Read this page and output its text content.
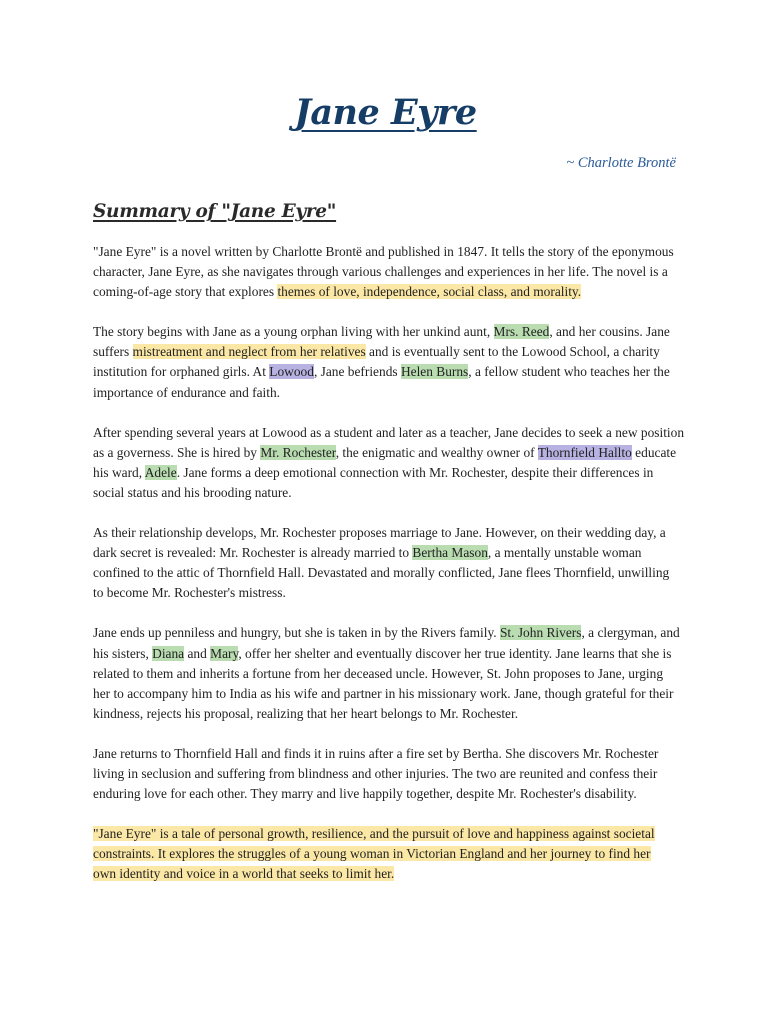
Jane Eyre
~ Charlotte Brontë
Summary of "Jane Eyre"

"Jane Eyre" is a novel written by Charlotte Brontë and published in 1847. It tells the story of the eponymous
character, Jane Eyre, as she navigates through various challenges and experiences in her life. The novel is a
coming-of-age story that explores themes of love, independence, social class, and morality.

The story begins with Jane as a young orphan living with her unkind aunt, Mrs. Reed, and her cousins. Jane
suffers mistreatment and neglect from her relatives and is eventually sent to the Lowood School, a charity
institution for orphaned girls. At Lowood, Jane befriends Helen Burns, a fellow student who teaches her the
importance of endurance and faith.

After spending several years at Lowood as a student and later as a teacher, Jane decides to seek a new position
as a governess. She is hired by Mr. Rochester, the enigmatic and wealthy owner of Thornfield Hallto educate
his ward, Adele. Jane forms a deep emotional connection with Mr. Rochester, despite their differences in
social status and his brooding nature.

As their relationship develops, Mr. Rochester proposes marriage to Jane. However, on their wedding day, a
dark secret is revealed: Mr. Rochester is already married to Bertha Mason, a mentally unstable woman
confined to the attic of Thornfield Hall. Devastated and morally conflicted, Jane flees Thornfield, unwilling
to become Mr. Rochester's mistress.

Jane ends up penniless and hungry, but she is taken in by the Rivers family. St. John Rivers, a clergyman, and
his sisters, Diana and Mary, offer her shelter and eventually discover her true identity. Jane learns that she is
related to them and inherits a fortune from her deceased uncle. However, St. John proposes to Jane, urging
her to accompany him to India as his wife and partner in his missionary work. Jane, though grateful for their
kindness, rejects his proposal, realizing that her heart belongs to Mr. Rochester.

Jane returns to Thornfield Hall and finds it in ruins after a fire set by Bertha. She discovers Mr. Rochester
living in seclusion and suffering from blindness and other injuries. The two are reunited and confess their
enduring love for each other. They marry and live happily together, despite Mr. Rochester's disability.

"Jane Eyre" is a tale of personal growth, resilience, and the pursuit of love and happiness against societal
constraints. It explores the struggles of a young woman in Victorian England and her journey to find her
own identity and voice in a world that seeks to limit her.
